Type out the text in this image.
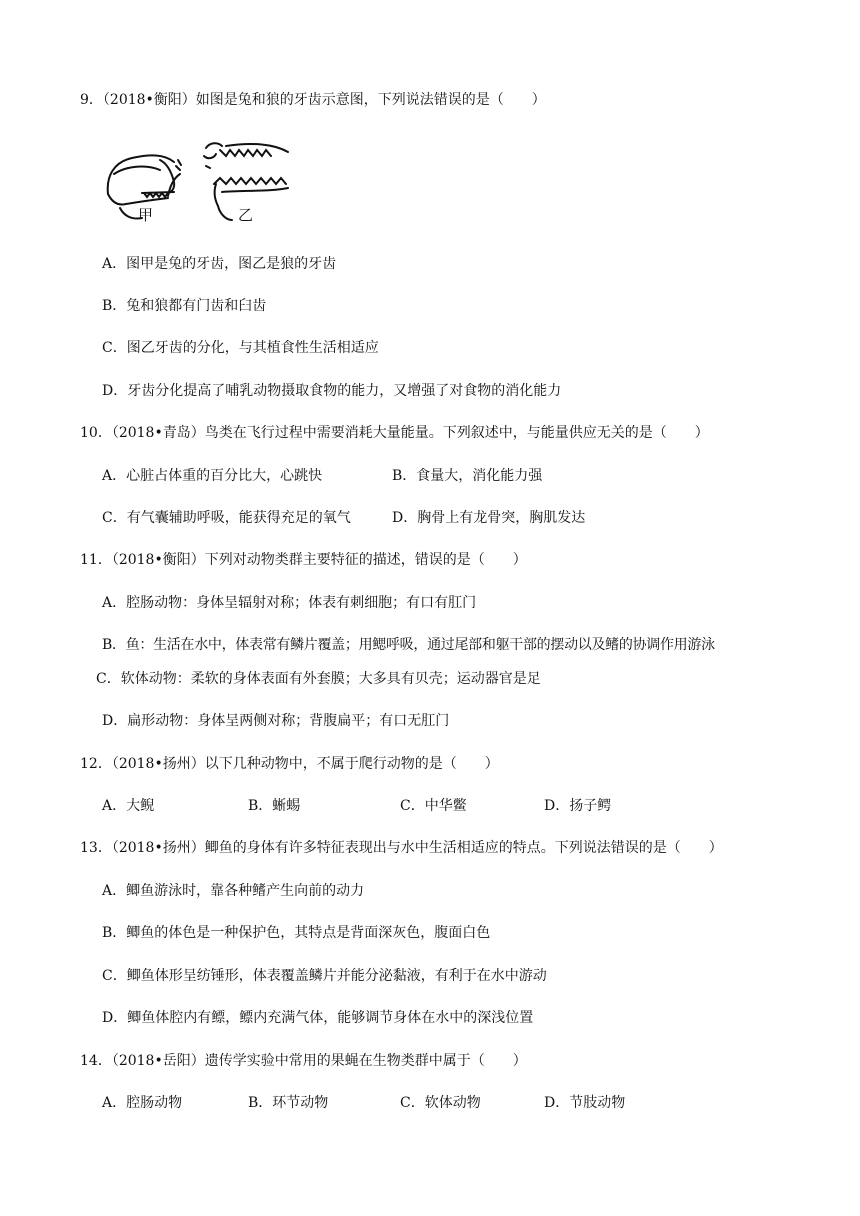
9．（2018•衡阳）如图是兔和狼的牙齿示意图，下列说法错误的是（　　）
甲	乙
A．图甲是兔的牙齿，图乙是狼的牙齿
B．兔和狼都有门齿和臼齿
C．图乙牙齿的分化，与其植食性生活相适应
D．牙齿分化提高了哺乳动物摄取食物的能力，又增强了对食物的消化能力
10．（2018•青岛）鸟类在飞行过程中需要消耗大量能量。下列叙述中，与能量供应无关的是（　　）
A．心脏占体重的百分比大，心跳快	B．食量大，消化能力强
C．有气囊辅助呼吸，能获得充足的氧气	D．胸骨上有龙骨突，胸肌发达
11．（2018•衡阳）下列对动物类群主要特征的描述，错误的是（　　）
A．腔肠动物：身体呈辐射对称；体表有刺细胞；有口有肛门
B．鱼：生活在水中，体表常有鳞片覆盖；用鳃呼吸，通过尾部和躯干部的摆动以及鳍的协调作用游泳
C．软体动物：柔软的身体表面有外套膜；大多具有贝壳；运动器官是足
D．扁形动物：身体呈两侧对称；背腹扁平；有口无肛门
12．（2018•扬州）以下几种动物中，不属于爬行动物的是（　　）
A．大鲵	B．蜥蜴	C．中华鳖	D．扬子鳄
13．（2018•扬州）鲫鱼的身体有许多特征表现出与水中生活相适应的特点。下列说法错误的是（　　）
A．鲫鱼游泳时，靠各种鳍产生向前的动力
B．鲫鱼的体色是一种保护色，其特点是背面深灰色，腹面白色
C．鲫鱼体形呈纺锤形，体表覆盖鳞片并能分泌黏液，有利于在水中游动
D．鲫鱼体腔内有鳔，鳔内充满气体，能够调节身体在水中的深浅位置
14．（2018•岳阳）遗传学实验中常用的果蝇在生物类群中属于（　　）
A．腔肠动物	B．环节动物	C．软体动物	D．节肢动物
